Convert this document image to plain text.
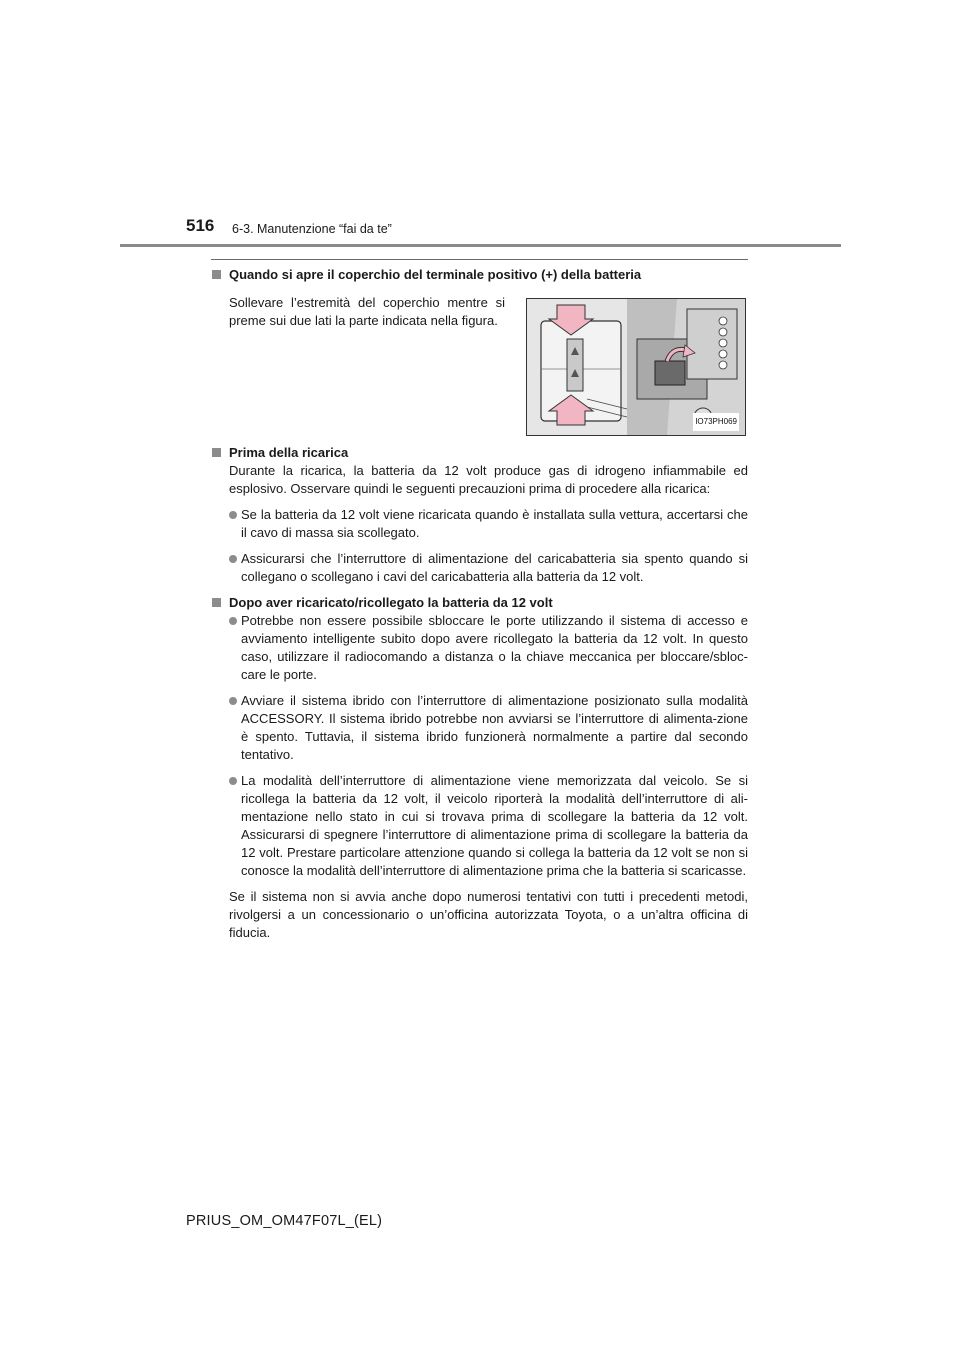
516 6-3. Manutenzione “fai da te”

Quando si apre il coperchio del terminale positivo (+) della batteria

Sollevare l’estremità del coperchio mentre si preme sui due lati la parte indicata nella figura.
IO73PH069

Prima della ricarica

Durante la ricarica, la batteria da 12 volt produce gas di idrogeno infiammabile ed esplosivo. Osservare quindi le seguenti precauzioni prima di procedere alla ricarica:

Se la batteria da 12 volt viene ricaricata quando è installata sulla vettura, accertarsi che il cavo di massa sia scollegato.

Assicurarsi che l’interruttore di alimentazione del caricabatteria sia spento quando si collegano o scollegano i cavi del caricabatteria alla batteria da 12 volt.

Dopo aver ricaricato/ricollegato la batteria da 12 volt

Potrebbe non essere possibile sbloccare le porte utilizzando il sistema di accesso e avviamento intelligente subito dopo avere ricollegato la batteria da 12 volt. In questo caso, utilizzare il radiocomando a distanza o la chiave meccanica per bloccare/sbloc-care le porte.

Avviare il sistema ibrido con l’interruttore di alimentazione posizionato sulla modalità ACCESSORY. Il sistema ibrido potrebbe non avviarsi se l’interruttore di alimenta-zione è spento. Tuttavia, il sistema ibrido funzionerà normalmente a partire dal secondo tentativo.

La modalità dell’interruttore di alimentazione viene memorizzata dal veicolo. Se si ricollega la batteria da 12 volt, il veicolo riporterà la modalità dell’interruttore di ali-mentazione nello stato in cui si trovava prima di scollegare la batteria da 12 volt. Assicurarsi di spegnere l’interruttore di alimentazione prima di scollegare la batteria da 12 volt. Prestare particolare attenzione quando si collega la batteria da 12 volt se non si conosce la modalità dell’interruttore di alimentazione prima che la batteria si scaricasse.

Se il sistema non si avvia anche dopo numerosi tentativi con tutti i precedenti metodi, rivolgersi a un concessionario o un’officina autorizzata Toyota, o a un’altra officina di fiducia.

PRIUS_OM_OM47F07L_(EL)
